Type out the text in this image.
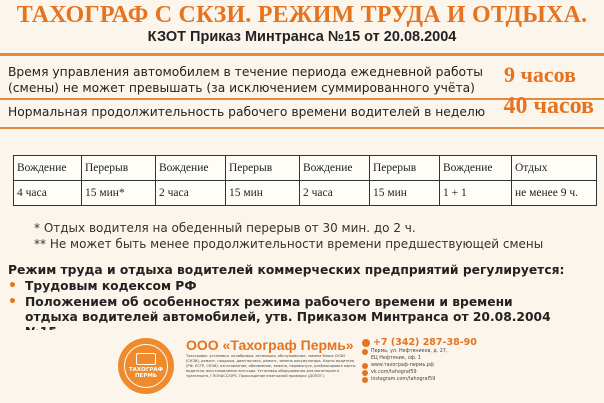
ТАХОГРАФ С СКЗИ. РЕЖИМ ТРУДА И ОТДЫХА.
КЗОТ Приказ Минтранса №15 от 20.08.2004
Время управления автомобилем в течение периода ежедневной работы
(смены) не может превышать (за исключением суммированного учёта)
9 часов
Нормальная продолжительность рабочего времени водителей в неделю 40 часов
Вождение	Перерыв	Вождение	Перерыв	Вождение	Перерыв	Вождение	Отдых
4 часа	15 мин*	2 часа	15 мин	2 часа	15 мин	1 + 1	не менее 9 ч.
* Отдых водителя на обеденный перерыв от 30 мин. до 2 ч.
** Не может быть менее продолжительности времени предшествующей смены
Режим труда и отдыха водителей коммерческих предприятий регулируется:
• Трудовым кодексом РФ
• Положением об особенностях режима рабочего времени и времени отдыха водителей автомобилей, утв. Приказом Минтранса от 20.08.2004
ТАХОГРАФ
ПЕРМЬ
ООО «Тахограф Пермь»
Тахографы: установка, калибровка, активация, обслуживание, замена блока СКЗИ (СКЗИ), ремонт, продажа, диагностика, ремонт, замена аккумулятора. Карты водителя (РФ, ЕСТР, СКЗИ): изготовление, обновление, замена, перевыпуск, разблокировка карты водителя, восстановление пин-кода. Установка оборудования для мониторинга транспорта, ГЛОНАСС/GPS. Прохождение ежегодной проверки (ДОПОГ).
+7 (342) 287-38-90
Пермь, ул. Нефтяников, д. 27,
ЕЦ Нефтяник, оф. 1
www.тахограф-пермь.рф
vk.com/tahograf59
instagram.com/tahograf59
